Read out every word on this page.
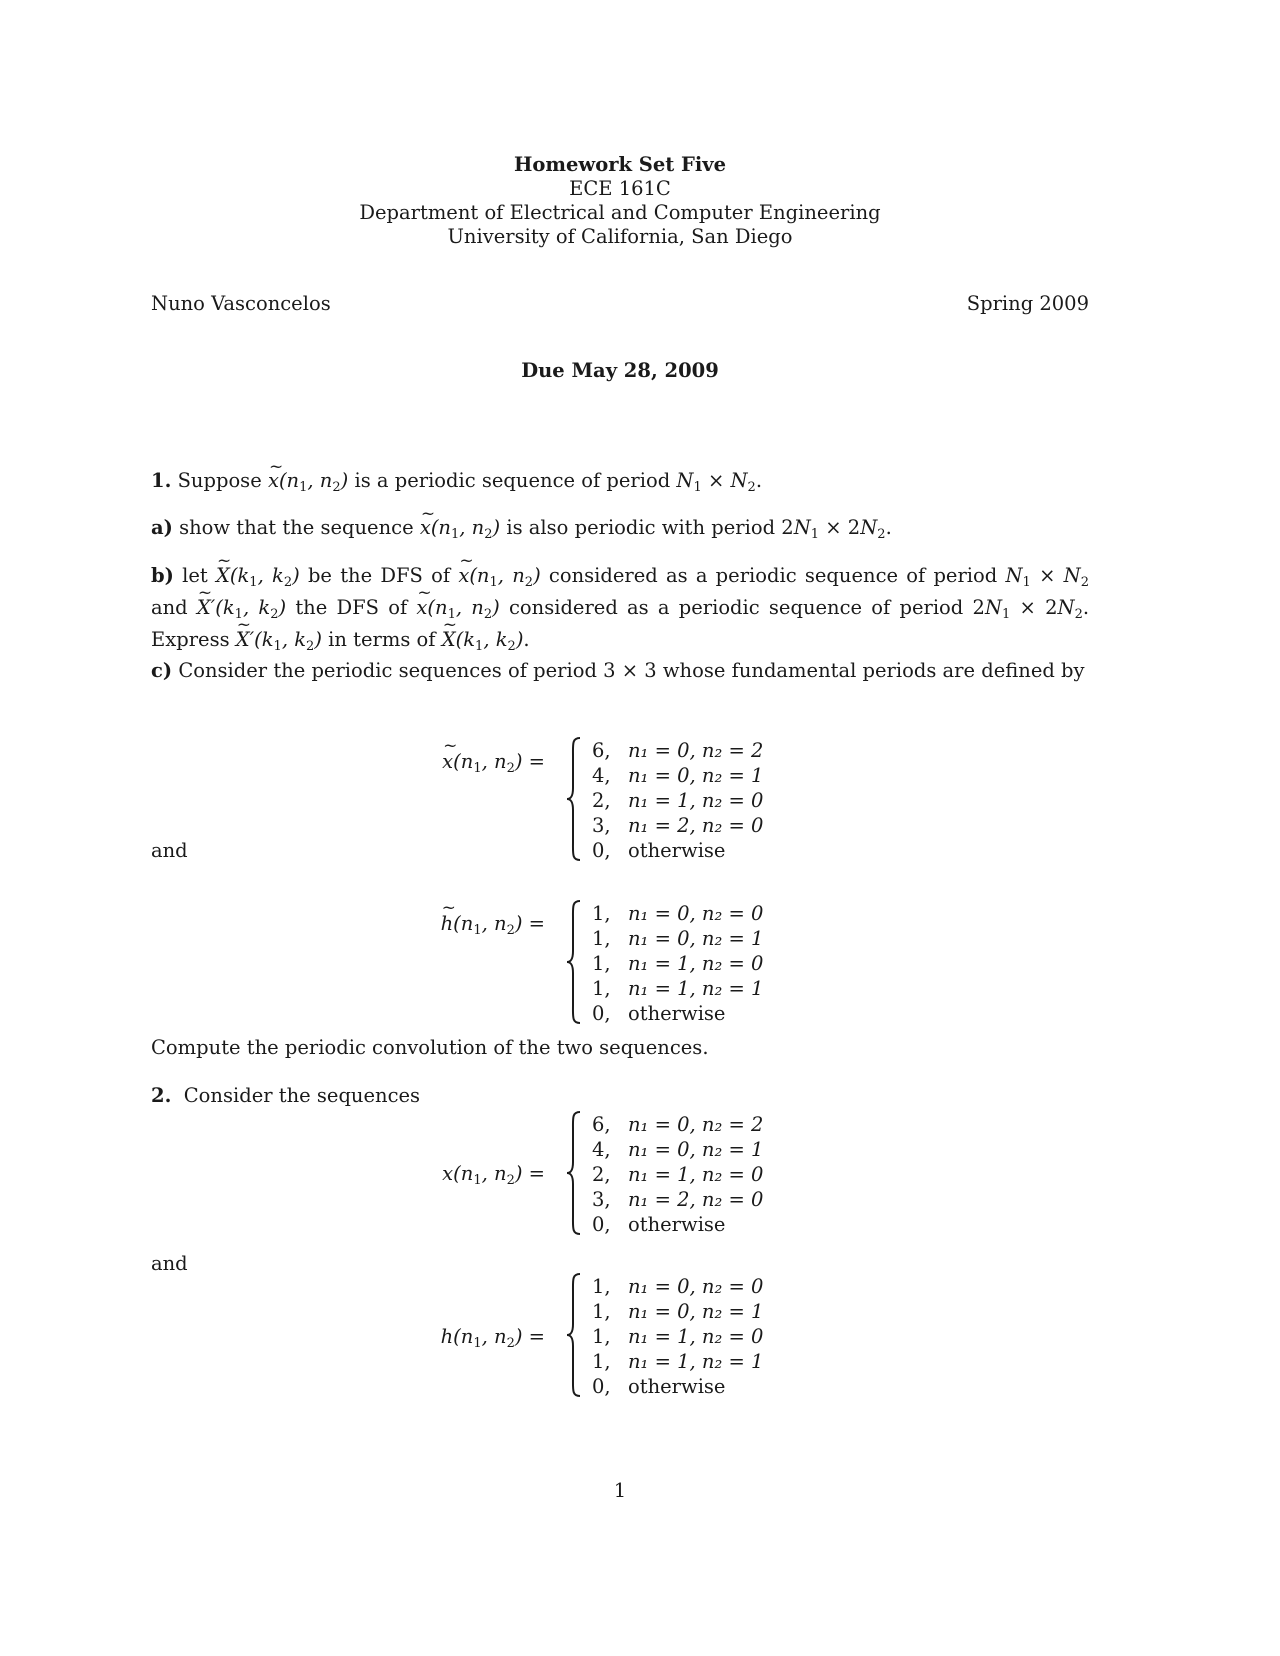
Homework Set Five
ECE 161C
Department of Electrical and Computer Engineering
University of California, San Diego
Nuno Vasconcelos	Spring 2009
Due May 28, 2009
1. Suppose ~ $x(n_1$, $n_2$) is a periodic sequence of period $N_1 \times N_2$.
a) show that the sequence ~ $x(n_1$, $n_2$) is also periodic with period $2N_1 \times 2N_2$.
b) let ~ $X(k_1$, $k_2$) be the DFS of ~ $x(n_1$, $n_2$) considered as a periodic sequence of period $N_1 \times N_2$ and ~ $X'(k_1$, $k_2$) the DFS of ~ $x(n_1$, $n_2$) considered as a periodic sequence of period $2N_1 \times 2N_2$. Express ~ $X'(k_1$, $k_2$) in terms of ~ $X(k_1$, $k_2$).
c) Consider the periodic sequences of period 3 × 3 whose fundamental periods are defined by
~ $x(n_1$, $n_2) = 6$, n₁ = 0, n₂ = 2
4, n₁ = 0, n₂ = 1
2, n₁ = 1, n₂ = 0
3, n₁ = 2, n₂ = 0
0, otherwise
and
~ $h(n_1$, $n_2) = 1$, n₁ = 0, n₂ = 0
1, n₁ = 0, n₂ = 1
1, n₁ = 1, n₂ = 0
1, n₁ = 1, n₂ = 1
0, otherwise
Compute the periodic convolution of the two sequences.
2. Consider the sequences
$x(n_1$, $n_2$) =
6, n₁ = 0, n₂ = 2
4, n₁ = 0, n₂ = 1
2, n₁ = 1, n₂ = 0
3, n₁ = 2, n₂ = 0
0, otherwise
and
$h(n_1$, $n_2$) =
1, n₁ = 0, n₂ = 0
1, n₁ = 0, n₂ = 1
1, n₁ = 1, n₂ = 0
1, n₁ = 1, n₂ = 1
0, otherwise
1
